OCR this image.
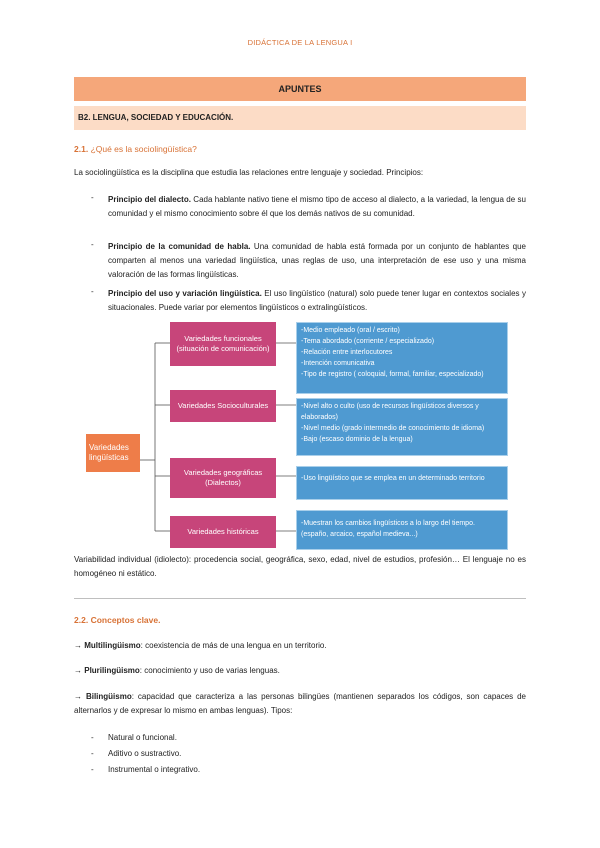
DIDÁCTICA DE LA LENGUA I
APUNTES
B2. LENGUA, SOCIEDAD Y EDUCACIÓN.
2.1. ¿Qué es la sociolingüística?
La sociolingüística es la disciplina que estudia las relaciones entre lenguaje y sociedad. Principios:
- Principio del dialecto. Cada hablante nativo tiene el mismo tipo de acceso al dialecto, a la variedad, la lengua de su comunidad y el mismo conocimiento sobre él que los demás nativos de su comunidad.
- Principio de la comunidad de habla. Una comunidad de habla está formada por un conjunto de hablantes que comparten al menos una variedad lingüística, unas reglas de uso, una interpretación de ese uso y una misma valoración de las formas lingüísticas.
- Principio del uso y variación lingüística. El uso lingüístico (natural) solo puede tener lugar en contextos sociales y situacionales. Puede variar por elementos lingüísticos o extralingüísticos.
Variedades lingüísticas
Variedades funcionales (situación de comunicación)
Variedades Socioculturales
Variedades geográficas (Dialectos)
Variedades históricas
-Medio empleado (oral / escrito)
-Tema abordado (corriente / especializado)
-Relación entre interlocutores
-Intención comunicativa
-Tipo de registro ( coloquial, formal, familiar, especializado)
-Nivel alto o culto (uso de recursos lingüísticos diversos y elaborados)
-Nivel medio (grado intermedio de conocimiento de idioma)
-Bajo (escaso dominio de la lengua)
-Uso lingüístico que se emplea en un determinado territorio
-Muestran los cambios lingüísticos a lo largo del tiempo. (españo, arcaico, español medieva...)
Variabilidad individual (idiolecto): procedencia social, geográfica, sexo, edad, nivel de estudios, profesión… El lenguaje no es homogéneo ni estático.
2.2. Conceptos clave.
→ Multilingüismo: coexistencia de más de una lengua en un territorio.
→ Plurilingüismo: conocimiento y uso de varias lenguas.
→ Bilingüismo: capacidad que caracteriza a las personas bilingües (mantienen separados los códigos, son capaces de alternarlos y de expresar lo mismo en ambas lenguas). Tipos:
- Natural o funcional.
- Aditivo o sustractivo.
- Instrumental o integrativo.
